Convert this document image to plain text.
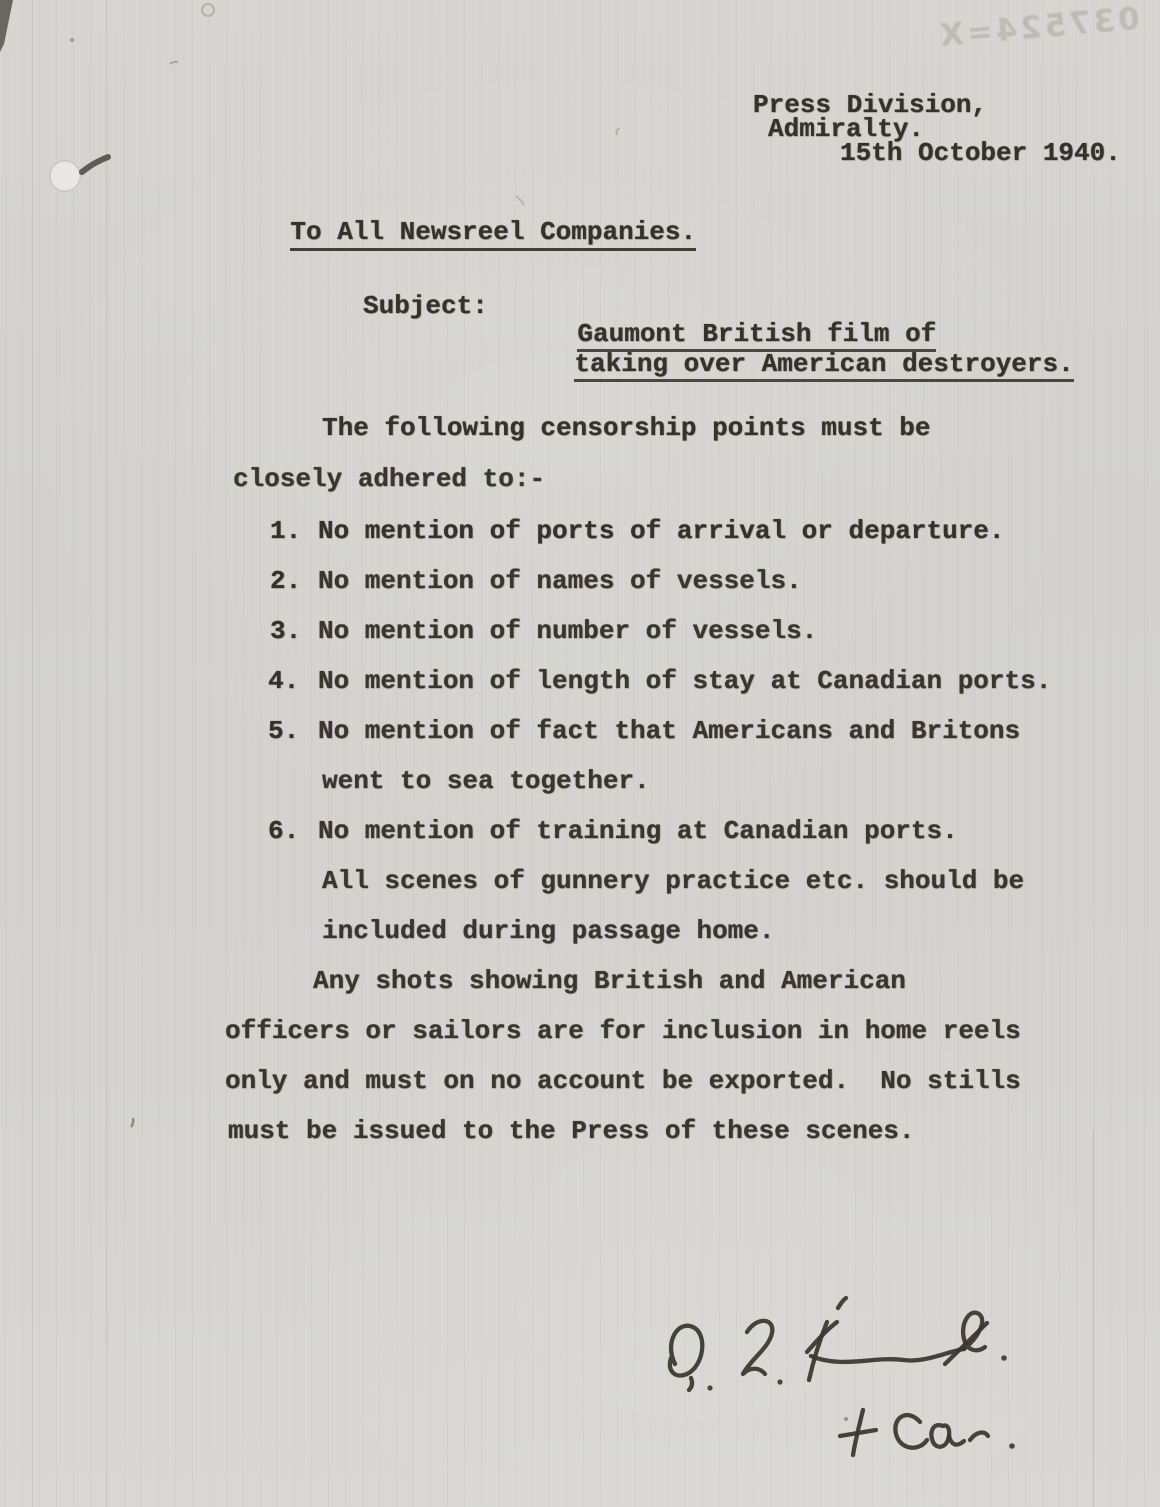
037524=X
Press Division,
Admiralty.
15th October 1940.

To All Newsreel Companies.

Subject:

Gaumont British film of

taking over American destroyers.

The following censorship points must be
closely adhered to:-
1. No mention of ports of arrival or departure.
2. No mention of names of vessels.
3. No mention of number of vessels.
4. No mention of length of stay at Canadian ports.
5. No mention of fact that Americans and Britons
went to sea together.
6. No mention of training at Canadian ports.
All scenes of gunnery practice etc. should be
included during passage home.
Any shots showing British and American
officers or sailors are for inclusion in home reels
only and must on no account be exported.  No stills
must be issued to the Press of these scenes.
